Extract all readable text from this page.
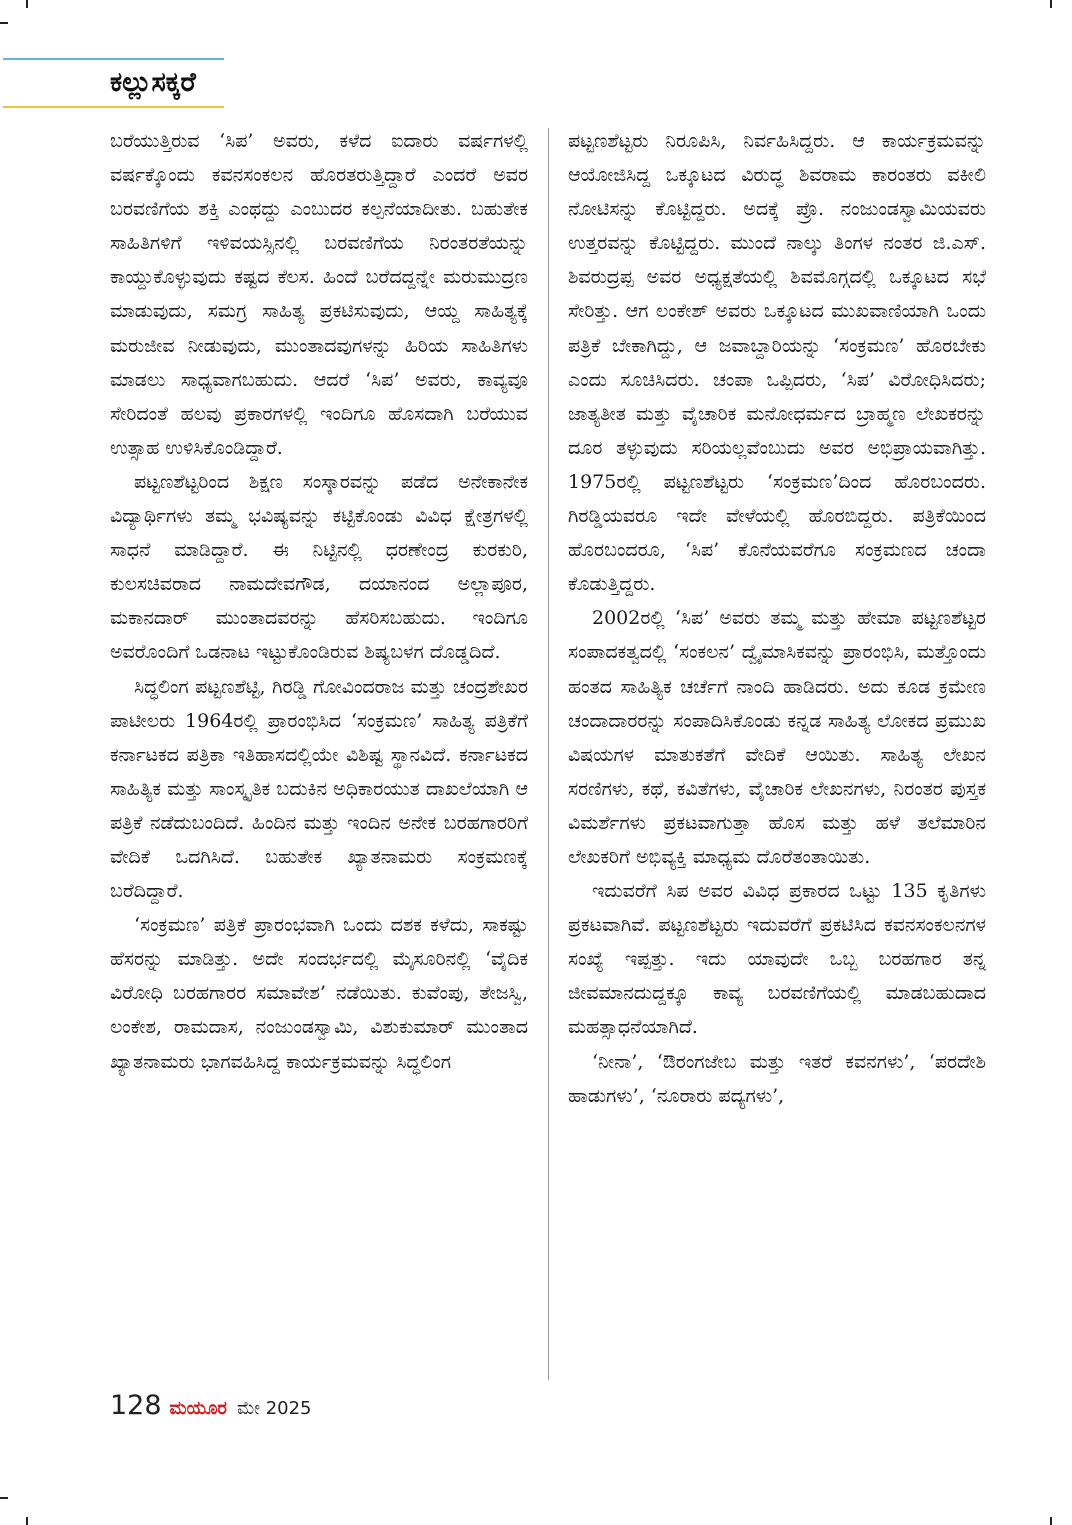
ಕಲ್ಲುಸಕ್ಕರೆ

ಬರೆಯುತ್ತಿರುವ ‘ಸಿಪ’ ಅವರು, ಕಳೆದ ಐದಾರು ವರ್ಷಗಳಲ್ಲಿ ವರ್ಷಕ್ಕೊಂದು ಕವನಸಂಕಲನ ಹೊರತರುತ್ತಿದ್ದಾರೆ ಎಂದರೆ ಅವರ ಬರವಣಿಗೆಯ ಶಕ್ತಿ ಎಂಥದ್ದು ಎಂಬುದರ ಕಲ್ಪನೆಯಾದೀತು. ಬಹುತೇಕ ಸಾಹಿತಿಗಳಿಗೆ ಇಳಿವಯಸ್ಸಿನಲ್ಲಿ ಬರವಣಿಗೆಯ ನಿರಂತರತೆಯನ್ನು ಕಾಯ್ದುಕೊಳ್ಳುವುದು ಕಷ್ಟದ ಕೆಲಸ. ಹಿಂದೆ ಬರೆದದ್ದನ್ನೇ ಮರುಮುದ್ರಣ ಮಾಡುವುದು, ಸಮಗ್ರ ಸಾಹಿತ್ಯ ಪ್ರಕಟಿಸುವುದು, ಆಯ್ದ ಸಾಹಿತ್ಯಕ್ಕೆ ಮರುಜೀವ ನೀಡುವುದು, ಮುಂತಾದವುಗಳನ್ನು ಹಿರಿಯ ಸಾಹಿತಿಗಳು ಮಾಡಲು ಸಾಧ್ಯವಾಗಬಹುದು. ಆದರೆ ‘ಸಿಪ’ ಅವರು, ಕಾವ್ಯವೂ ಸೇರಿದಂತೆ ಹಲವು ಪ್ರಕಾರಗಳಲ್ಲಿ ಇಂದಿಗೂ ಹೊಸದಾಗಿ ಬರೆಯುವ ಉತ್ಸಾಹ ಉಳಿಸಿಕೊಂಡಿದ್ದಾರೆ.

ಪಟ್ಟಣಶೆಟ್ಟರಿಂದ ಶಿಕ್ಷಣ ಸಂಸ್ಕಾರವನ್ನು ಪಡೆದ ಅನೇಕಾನೇಕ ವಿದ್ಯಾರ್ಥಿಗಳು ತಮ್ಮ ಭವಿಷ್ಯವನ್ನು ಕಟ್ಟಿಕೊಂಡು ವಿವಿಧ ಕ್ಷೇತ್ರಗಳಲ್ಲಿ ಸಾಧನೆ ಮಾಡಿದ್ದಾರೆ. ಈ ನಿಟ್ಟಿನಲ್ಲಿ ಧರಣೇಂದ್ರ ಕುರಕುರಿ, ಕುಲಸಚಿವರಾದ ನಾಮದೇವಗೌಡ, ದಯಾನಂದ ಅಲ್ಲಾಪೂರ, ಮಕಾನದಾರ್ ಮುಂತಾದವರನ್ನು ಹೆಸರಿಸಬಹುದು. ಇಂದಿಗೂ ಅವರೊಂದಿಗೆ ಒಡನಾಟ ಇಟ್ಟುಕೊಂಡಿರುವ ಶಿಷ್ಯಬಳಗ ದೊಡ್ಡದಿದೆ.

ಸಿದ್ಧಲಿಂಗ ಪಟ್ಟಣಶೆಟ್ಟಿ, ಗಿರಡ್ಡಿ ಗೋವಿಂದರಾಜ ಮತ್ತು ಚಂದ್ರಶೇಖರ ಪಾಟೀಲರು 1964ರಲ್ಲಿ ಪ್ರಾರಂಭಿಸಿದ ‘ಸಂಕ್ರಮಣ’ ಸಾಹಿತ್ಯ ಪತ್ರಿಕೆಗೆ ಕರ್ನಾಟಕದ ಪತ್ರಿಕಾ ಇತಿಹಾಸದಲ್ಲಿಯೇ ವಿಶಿಷ್ಟ ಸ್ಥಾನವಿದೆ. ಕರ್ನಾಟಕದ ಸಾಹಿತ್ಯಿಕ ಮತ್ತು ಸಾಂಸ್ಕೃತಿಕ ಬದುಕಿನ ಅಧಿಕಾರಯುತ ದಾಖಲೆಯಾಗಿ ಆ ಪತ್ರಿಕೆ ನಡೆದುಬಂದಿದೆ. ಹಿಂದಿನ ಮತ್ತು ಇಂದಿನ ಅನೇಕ ಬರಹಗಾರರಿಗೆ ವೇದಿಕೆ ಒದಗಿಸಿದೆ. ಬಹುತೇಕ ಖ್ಯಾತನಾಮರು ಸಂಕ್ರಮಣಕ್ಕೆ ಬರೆದಿದ್ದಾರೆ.

‘ಸಂಕ್ರಮಣ’ ಪತ್ರಿಕೆ ಪ್ರಾರಂಭವಾಗಿ ಒಂದು ದಶಕ ಕಳೆದು, ಸಾಕಷ್ಟು ಹೆಸರನ್ನು ಮಾಡಿತ್ತು. ಅದೇ ಸಂದರ್ಭದಲ್ಲಿ ಮೈಸೂರಿನಲ್ಲಿ ‘ವೈದಿಕ ವಿರೋಧಿ ಬರಹಗಾರರ ಸಮಾವೇಶ’ ನಡೆಯಿತು. ಕುವೆಂಪು, ತೇಜಸ್ವಿ, ಲಂಕೇಶ, ರಾಮದಾಸ, ನಂಜುಂಡಸ್ವಾಮಿ, ವಿಶುಕುಮಾರ್ ಮುಂತಾದ ಖ್ಯಾತನಾಮರು ಭಾಗವಹಿಸಿದ್ದ ಕಾರ್ಯಕ್ರಮವನ್ನು ಸಿದ್ಧಲಿಂಗ

ಪಟ್ಟಣಶೆಟ್ಟರು ನಿರೂಪಿಸಿ, ನಿರ್ವಹಿಸಿದ್ದರು. ಆ ಕಾರ್ಯಕ್ರಮವನ್ನು ಆಯೋಜಿಸಿದ್ದ ಒಕ್ಕೂಟದ ವಿರುದ್ಧ ಶಿವರಾಮ ಕಾರಂತರು ವಕೀಲಿ ನೋಟಿಸನ್ನು ಕೊಟ್ಟಿದ್ದರು. ಅದಕ್ಕೆ ಪ್ರೊ. ನಂಜುಂಡಸ್ವಾಮಿಯವರು ಉತ್ತರವನ್ನು ಕೊಟ್ಟಿದ್ದರು. ಮುಂದೆ ನಾಲ್ಕು ತಿಂಗಳ ನಂತರ ಜಿ.ಎಸ್. ಶಿವರುದ್ರಪ್ಪ ಅವರ ಅಧ್ಯಕ್ಷತೆಯಲ್ಲಿ ಶಿವಮೊಗ್ಗದಲ್ಲಿ ಒಕ್ಕೂಟದ ಸಭೆ ಸೇರಿತ್ತು. ಆಗ ಲಂಕೇಶ್ ಅವರು ಒಕ್ಕೂಟದ ಮುಖವಾಣಿಯಾಗಿ ಒಂದು ಪತ್ರಿಕೆ ಬೇಕಾಗಿದ್ದು, ಆ ಜವಾಬ್ದಾರಿಯನ್ನು ‘ಸಂಕ್ರಮಣ’ ಹೊರಬೇಕು ಎಂದು ಸೂಚಿಸಿದರು. ಚಂಪಾ ಒಪ್ಪಿದರು, ‘ಸಿಪ’ ವಿರೋಧಿಸಿದರು; ಜಾತ್ಯತೀತ ಮತ್ತು ವೈಚಾರಿಕ ಮನೋಧರ್ಮದ ಬ್ರಾಹ್ಮಣ ಲೇಖಕರನ್ನು ದೂರ ತಳ್ಳುವುದು ಸರಿಯಲ್ಲವೆಂಬುದು ಅವರ ಅಭಿಪ್ರಾಯವಾಗಿತ್ತು. 1975ರಲ್ಲಿ ಪಟ್ಟಣಶೆಟ್ಟರು ‘ಸಂಕ್ರಮಣ’ದಿಂದ ಹೊರಬಂದರು. ಗಿರಡ್ಡಿಯವರೂ ಇದೇ ವೇಳೆಯಲ್ಲಿ ಹೊರಬಿದ್ದರು. ಪತ್ರಿಕೆಯಿಂದ ಹೊರಬಂದರೂ, ‘ಸಿಪ’ ಕೊನೆಯವರೆಗೂ ಸಂಕ್ರಮಣದ ಚಂದಾ ಕೊಡುತ್ತಿದ್ದರು.

2002ರಲ್ಲಿ ‘ಸಿಪ’ ಅವರು ತಮ್ಮ ಮತ್ತು ಹೇಮಾ ಪಟ್ಟಣಶೆಟ್ಟರ ಸಂಪಾದಕತ್ವದಲ್ಲಿ ‘ಸಂಕಲನ’ ದ್ವೈಮಾಸಿಕವನ್ನು ಪ್ರಾರಂಭಿಸಿ, ಮತ್ತೊಂದು ಹಂತದ ಸಾಹಿತ್ಯಿಕ ಚರ್ಚೆಗೆ ನಾಂದಿ ಹಾಡಿದರು. ಅದು ಕೂಡ ಕ್ರಮೇಣ ಚಂದಾದಾರರನ್ನು ಸಂಪಾದಿಸಿಕೊಂಡು ಕನ್ನಡ ಸಾಹಿತ್ಯ ಲೋಕದ ಪ್ರಮುಖ ವಿಷಯಗಳ ಮಾತುಕತೆಗೆ ವೇದಿಕೆ ಆಯಿತು. ಸಾಹಿತ್ಯ ಲೇಖನ ಸರಣಿಗಳು, ಕಥೆ, ಕವಿತೆಗಳು, ವೈಚಾರಿಕ ಲೇಖನಗಳು, ನಿರಂತರ ಪುಸ್ತಕ ವಿಮರ್ಶೆಗಳು ಪ್ರಕಟವಾಗುತ್ತಾ ಹೊಸ ಮತ್ತು ಹಳೆ ತಲೆಮಾರಿನ ಲೇಖಕರಿಗೆ ಅಭಿವ್ಯಕ್ತಿ ಮಾಧ್ಯಮ ದೊರೆತಂತಾಯಿತು.

ಇದುವರೆಗೆ ಸಿಪ ಅವರ ವಿವಿಧ ಪ್ರಕಾರದ ಒಟ್ಟು 135 ಕೃತಿಗಳು ಪ್ರಕಟವಾಗಿವೆ. ಪಟ್ಟಣಶೆಟ್ಟರು ಇದುವರೆಗೆ ಪ್ರಕಟಿಸಿದ ಕವನಸಂಕಲನಗಳ ಸಂಖ್ಯೆ ಇಪ್ಪತ್ತು. ಇದು ಯಾವುದೇ ಒಬ್ಬ ಬರಹಗಾರ ತನ್ನ ಜೀವಮಾನದುದ್ದಕ್ಕೂ ಕಾವ್ಯ ಬರವಣಿಗೆಯಲ್ಲಿ ಮಾಡಬಹುದಾದ ಮಹತ್ಸಾಧನೆಯಾಗಿದೆ.

‘ನೀನಾ’, ‘ಔರಂಗಜೇಬ ಮತ್ತು ಇತರೆ ಕವನಗಳು’, ‘ಪರದೇಶಿ ಹಾಡುಗಳು’, ‘ನೂರಾರು ಪದ್ಯಗಳು’,

128 ಮಯೂರ ಮೇ 2025
